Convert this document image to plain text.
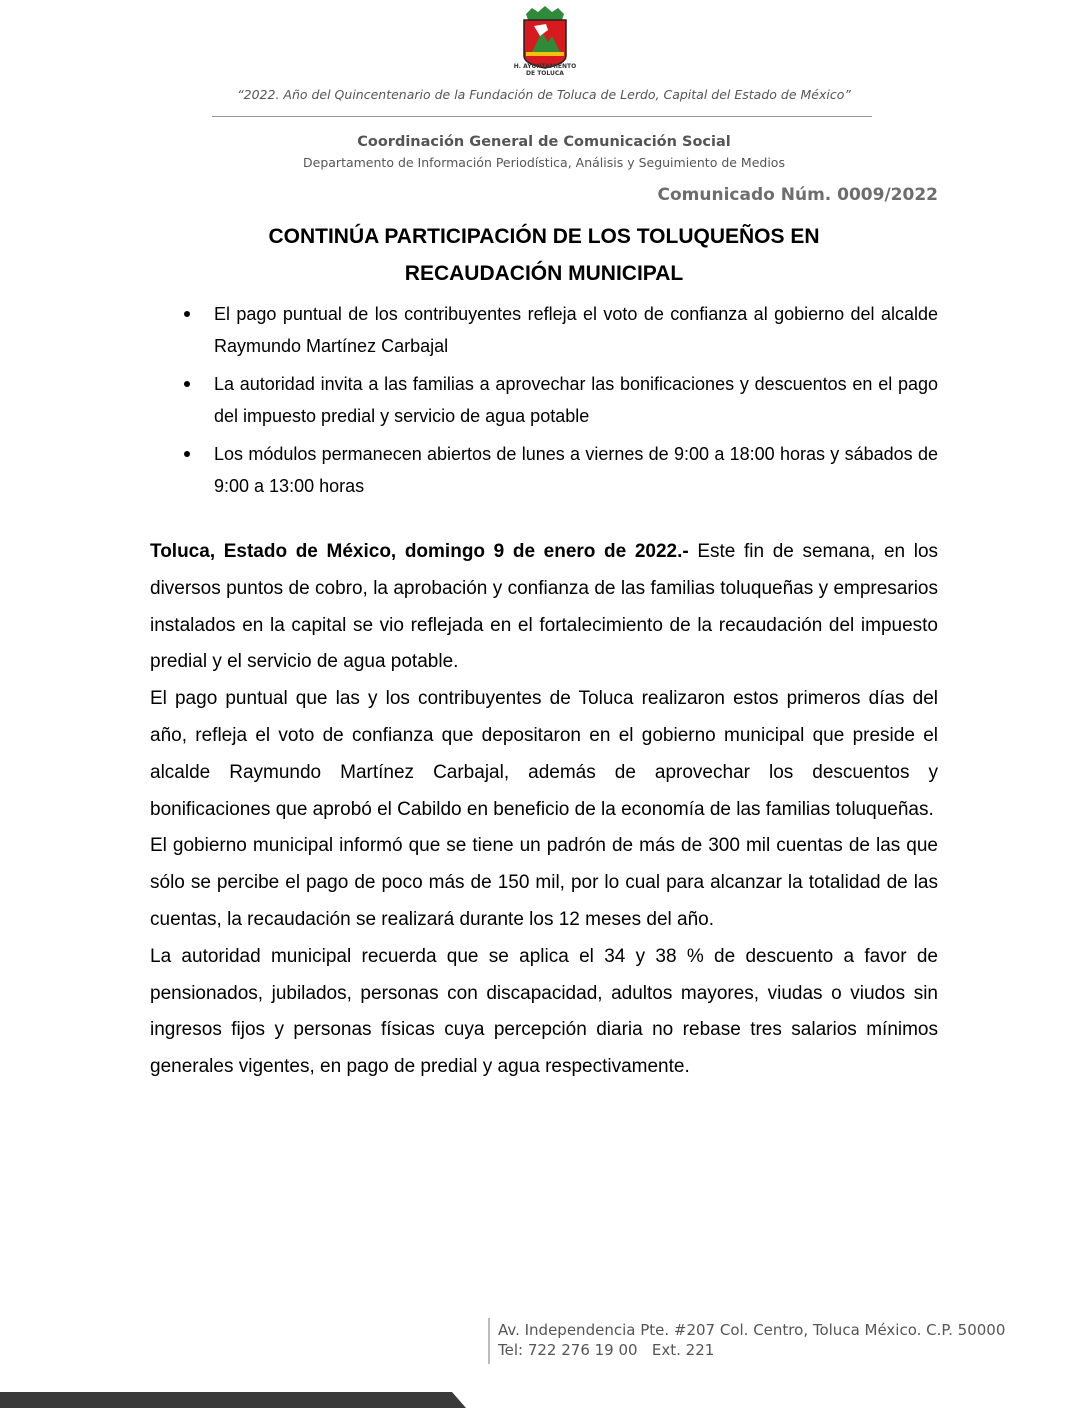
H. AYUNTAMIENTO
DE TOLUCA
“2022. Año del Quincentenario de la Fundación de Toluca de Lerdo, Capital del Estado de México”
Coordinación General de Comunicación Social
Departamento de Información Periodística, Análisis y Seguimiento de Medios
Comunicado Núm. 0009/2022
CONTINÚA PARTICIPACIÓN DE LOS TOLUQUEÑOS EN
RECAUDACIÓN MUNICIPAL
El pago puntual de los contribuyentes refleja el voto de confianza al gobierno del alcalde Raymundo Martínez Carbajal
La autoridad invita a las familias a aprovechar las bonificaciones y descuentos en el pago del impuesto predial y servicio de agua potable
Los módulos permanecen abiertos de lunes a viernes de 9:00 a 18:00 horas y sábados de 9:00 a 13:00 horas

Toluca, Estado de México, domingo 9 de enero de 2022.- Este fin de semana, en los diversos puntos de cobro, la aprobación y confianza de las familias toluqueñas y empresarios instalados en la capital se vio reflejada en el fortalecimiento de la recaudación del impuesto predial y el servicio de agua potable.

El pago puntual que las y los contribuyentes de Toluca realizaron estos primeros días del año, refleja el voto de confianza que depositaron en el gobierno municipal que preside el alcalde Raymundo Martínez Carbajal, además de aprovechar los descuentos y bonificaciones que aprobó el Cabildo en beneficio de la economía de las familias toluqueñas.

El gobierno municipal informó que se tiene un padrón de más de 300 mil cuentas de las que sólo se percibe el pago de poco más de 150 mil, por lo cual para alcanzar la totalidad de las cuentas, la recaudación se realizará durante los 12 meses del año.

La autoridad municipal recuerda que se aplica el 34 y 38 % de descuento a favor de pensionados, jubilados, personas con discapacidad, adultos mayores, viudas o viudos sin ingresos fijos y personas físicas cuya percepción diaria no rebase tres salarios mínimos generales vigentes, en pago de predial y agua respectivamente.

Av. Independencia Pte. #207 Col. Centro, Toluca México. C.P. 50000
Tel: 722 276 19 00 Ext. 221
